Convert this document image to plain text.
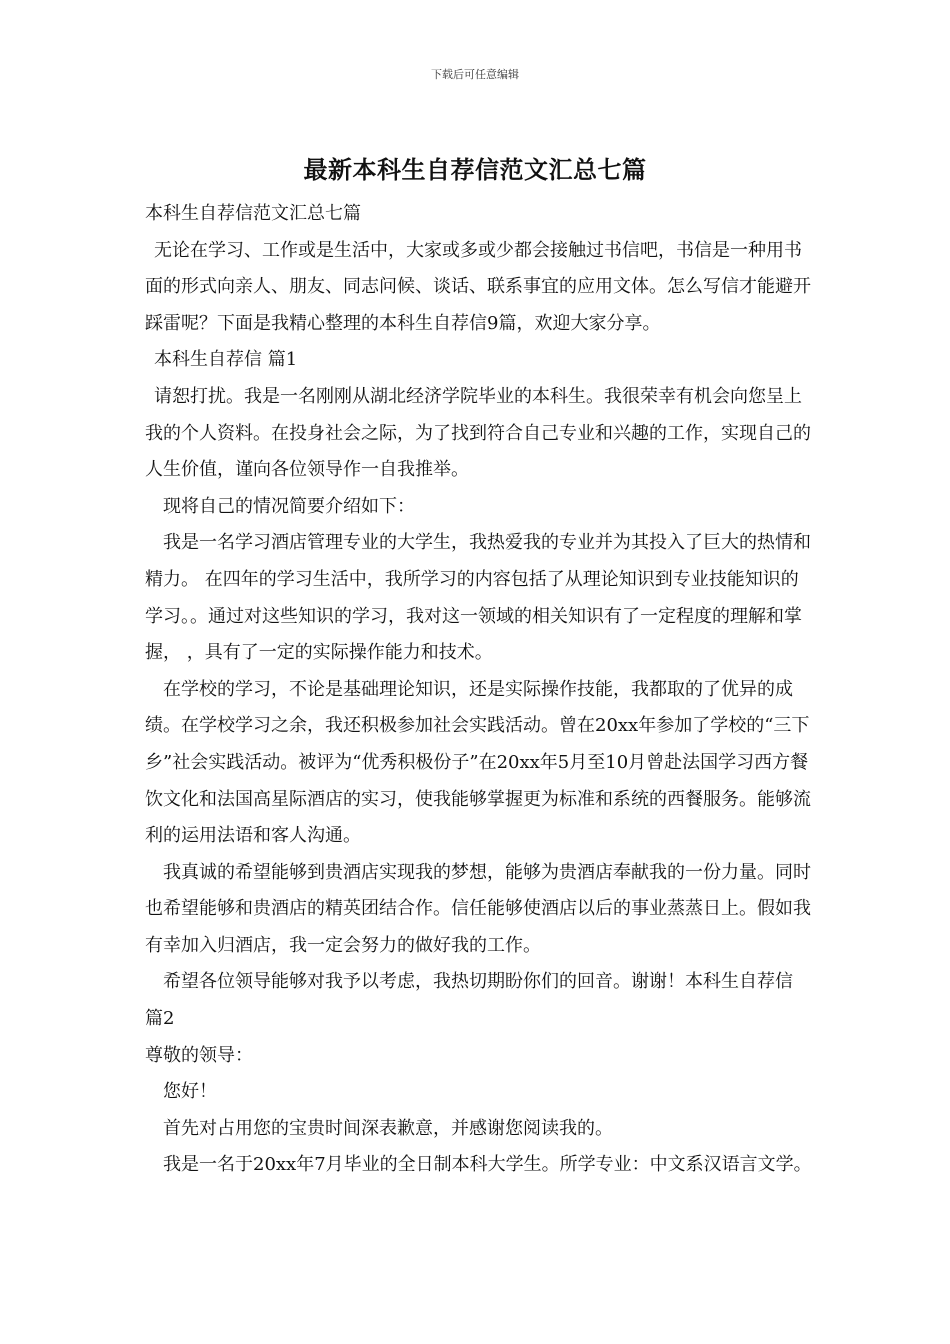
下载后可任意编辑
最新本科生自荐信范文汇总七篇

本科生自荐信范文汇总七篇

无论在学习、工作或是生活中，大家或多或少都会接触过书信吧，书信是一种用书面的形式向亲人、朋友、同志问候、谈话、联系事宜的应用文体。怎么写信才能避开踩雷呢？下面是我精心整理的本科生自荐信9篇，欢迎大家分享。

本科生自荐信 篇1

请恕打扰。我是一名刚刚从湖北经济学院毕业的本科生。我很荣幸有机会向您呈上我的个人资料。在投身社会之际，为了找到符合自己专业和兴趣的工作，实现自己的人生价值，谨向各位领导作一自我推举。

现将自己的情况简要介绍如下：

我是一名学习酒店管理专业的大学生，我热爱我的专业并为其投入了巨大的热情和精力。 在四年的学习生活中，我所学习的内容包括了从理论知识到专业技能知识的学习。。通过对这些知识的学习，我对这一领域的相关知识有了一定程度的理解和掌握， ，具有了一定的实际操作能力和技术。

在学校的学习，不论是基础理论知识，还是实际操作技能，我都取的了优异的成绩。在学校学习之余，我还积极参加社会实践活动。曾在20xx年参加了学校的“三下乡”社会实践活动。被评为“优秀积极份子”在20xx年5月至10月曾赴法国学习西方餐饮文化和法国高星际酒店的实习，使我能够掌握更为标准和系统的西餐服务。能够流利的运用法语和客人沟通。

我真诚的希望能够到贵酒店实现我的梦想，能够为贵酒店奉献我的一份力量。同时也希望能够和贵酒店的精英团结合作。信任能够使酒店以后的事业蒸蒸日上。假如我有幸加入归酒店，我一定会努力的做好我的工作。

希望各位领导能够对我予以考虑，我热切期盼你们的回音。谢谢！本科生自荐信 篇2

尊敬的领导：

您好！

首先对占用您的宝贵时间深表歉意，并感谢您阅读我的。

我是一名于20xx年7月毕业的全日制本科大学生。所学专业：中文系汉语言文学。
